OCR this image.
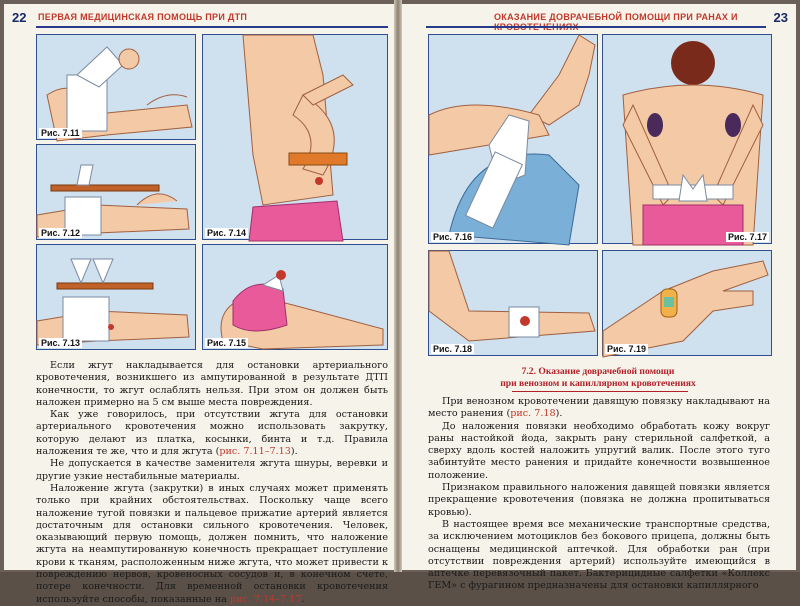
22 ПЕРВАЯ МЕДИЦИНСКАЯ ПОМОЩЬ ПРИ ДТП
Рис. 7.11
Рис. 7.12
Рис. 7.13
Рис. 7.14
Рис. 7.15

Если жгут накладывается для остановки артериального кровотечения, возникшего из ампутированной в результате ДТП конечности, то жгут ослаблять нельзя. При этом он должен быть наложен примерно на 5 см выше места повреждения.

Как уже говорилось, при отсутствии жгута для остановки артериального кровотечения можно использовать закрутку, которую делают из платка, косынки, бинта и т.д. Правила наложения те же, что и для жгута (рис. 7.11–7.13).

Не допускается в качестве заменителя жгута шнуры, веревки и другие узкие нестабильные материалы.

Наложение жгута (закрутки) в иных случаях может применять только при крайних обстоятельствах. Поскольку чаще всего наложение тугой повязки и пальцевое прижатие артерий является достаточным для остановки сильного кровотечения. Человек, оказывающий первую помощь, должен помнить, что наложение жгута на неампутированную конечность прекращает поступление крови к тканям, расположенным ниже жгута, что может привести к повреждению нервов, кровеносных сосудов и, в конечном счете, потере конечности. Для временной остановки кровотечения используйте способы, показанные на рис. 7.14–7.17.

ОКАЗАНИЕ ДОВРАЧЕБНОЙ ПОМОЩИ ПРИ РАНАХ И	23
Рис. 7.16	Рис. 7.17
Рис. 7.18	Рис. 7.19
7.2. Оказание доврачебной помощи
при венозном и капиллярном кровотечениях

При венозном кровотечении давящую повязку накладывают на место ранения (рис. 7.18).

До наложения повязки необходимо обработать кожу вокруг раны настойкой йода, закрыть рану стерильной салфеткой, а сверху вдоль костей наложить упругий валик. После этого туго забинтуйте место ранения и придайте конечности возвышенное положение.

Признаком правильного наложения давящей повязки является прекращение кровотечения (повязка не должна пропитываться кровью).

В настоящее время все механические транспортные средства, за исключением мотоциклов без бокового прицепа, должны быть оснащены медицинской аптечкой. Для обработки ран (при отсутствии повреждения артерий) используйте имеющийся в аптечке перевязочный пакет. Бактерицидные салфетки «Коллекс ГЕМ» с фурагином предназначены для остановки капиллярного
